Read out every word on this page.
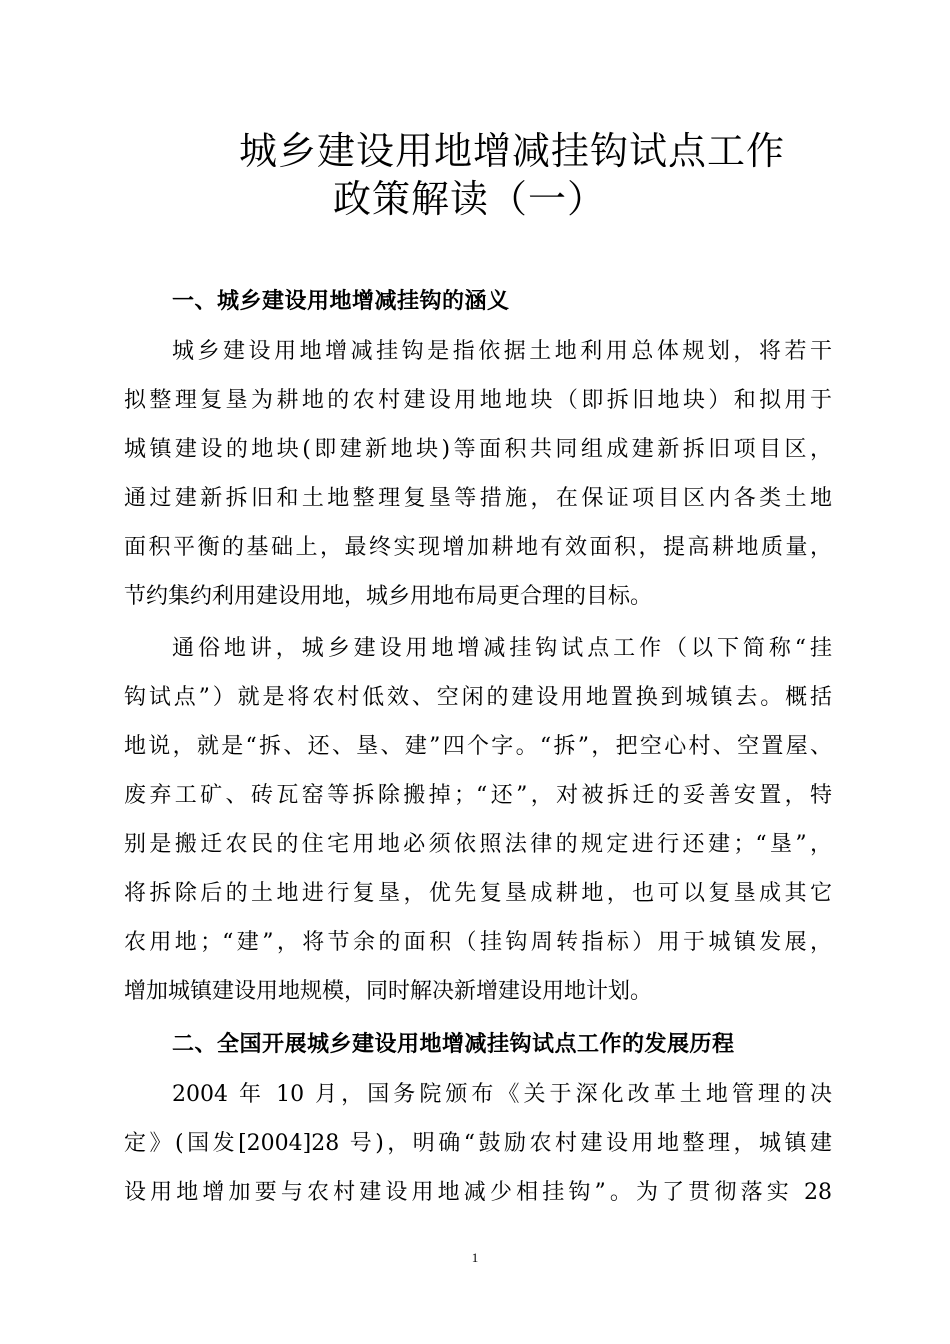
城乡建设用地增减挂钩试点工作
政策解读（一）
一、城乡建设用地增减挂钩的涵义
城乡建设用地增减挂钩是指依据土地利用总体规划，将若干
拟整理复垦为耕地的农村建设用地地块（即拆旧地块）和拟用于
城镇建设的地块(即建新地块)等面积共同组成建新拆旧项目区，
通过建新拆旧和土地整理复垦等措施，在保证项目区内各类土地
面积平衡的基础上，最终实现增加耕地有效面积，提高耕地质量，
节约集约利用建设用地，城乡用地布局更合理的目标。
通俗地讲，城乡建设用地增减挂钩试点工作（以下简称“挂
钩试点”）就是将农村低效、空闲的建设用地置换到城镇去。概括
地说，就是“拆、还、垦、建”四个字。“拆”，把空心村、空置屋、
废弃工矿、砖瓦窑等拆除搬掉；“还”，对被拆迁的妥善安置，特
别是搬迁农民的住宅用地必须依照法律的规定进行还建；“垦”，
将拆除后的土地进行复垦，优先复垦成耕地，也可以复垦成其它
农用地；“建”，将节余的面积（挂钩周转指标）用于城镇发展，
增加城镇建设用地规模，同时解决新增建设用地计划。
二、全国开展城乡建设用地增减挂钩试点工作的发展历程
2004 年 10 月，国务院颁布《关于深化改革土地管理的决
定》(国发[2004]28 号)，明确“鼓励农村建设用地整理，城镇建
设用地增加要与农村建设用地减少相挂钩”。为了贯彻落实 28
1
